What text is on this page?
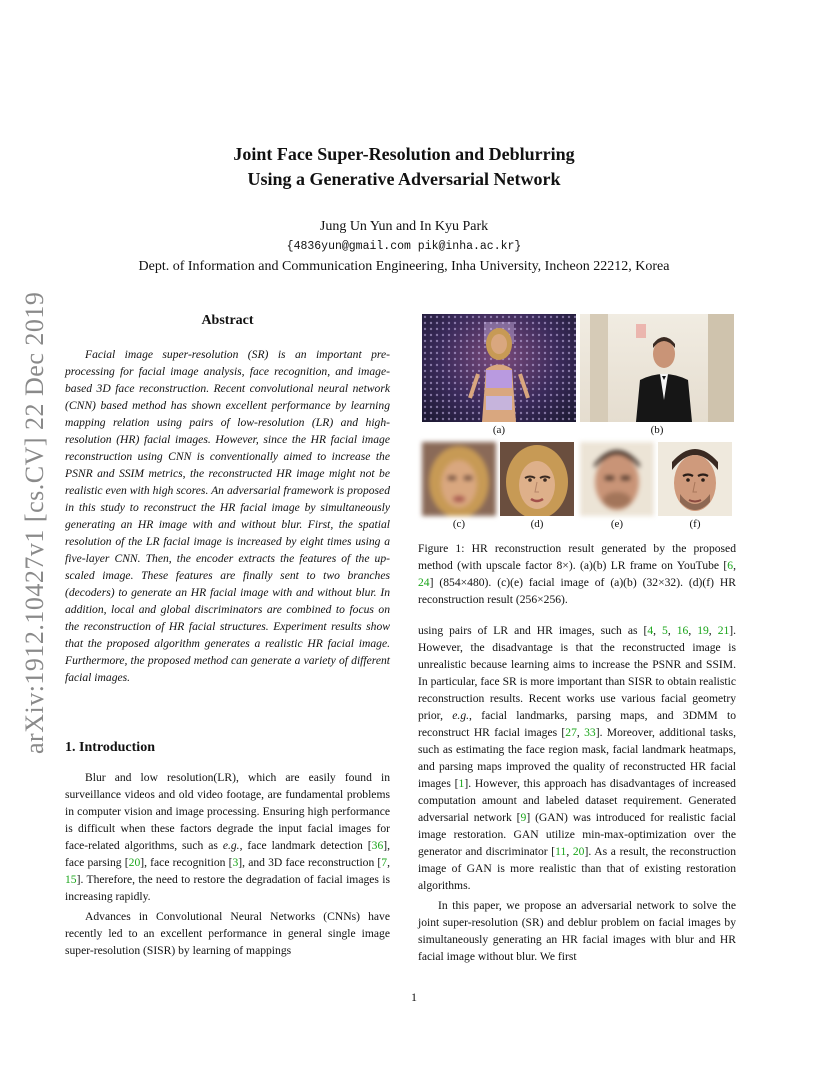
arXiv:1912.10427v1 [cs.CV] 22 Dec 2019
Joint Face Super-Resolution and Deblurring
Using a Generative Adversarial Network
Jung Un Yun and In Kyu Park
{4836yun@gmail.com pik@inha.ac.kr}
Dept. of Information and Communication Engineering, Inha University, Incheon 22212, Korea
Abstract

Facial image super-resolution (SR) is an important pre-processing for facial image analysis, face recognition, and image-based 3D face reconstruction. Recent convolutional neural network (CNN) based method has shown excellent performance by learning mapping relation using pairs of low-resolution (LR) and high-resolution (HR) facial images. However, since the HR facial image reconstruction using CNN is conventionally aimed to increase the PSNR and SSIM metrics, the reconstructed HR image might not be realistic even with high scores. An adversarial framework is proposed in this study to reconstruct the HR facial image by simultaneously generating an HR image with and without blur. First, the spatial resolution of the LR facial image is increased by eight times using a five-layer CNN. Then, the encoder extracts the features of the up-scaled image. These features are finally sent to two branches (decoders) to generate an HR facial image with and without blur. In addition, local and global discriminators are combined to focus on the reconstruction of HR facial structures. Experiment results show that the proposed algorithm generates a realistic HR facial image. Furthermore, the proposed method can generate a variety of different facial images.

1. Introduction

Blur and low resolution(LR), which are easily found in surveillance videos and old video footage, are fundamental problems in computer vision and image processing. Ensuring high performance is difficult when these factors degrade the input facial images for face-related algorithms, such as e.g., face landmark detection [36], face parsing [20], face recognition [3], and 3D face reconstruction [7, 15]. Therefore, the need to restore the degradation of facial images is increasing rapidly.

Advances in Convolutional Neural Networks (CNNs) have recently led to an excellent performance in general single image super-resolution (SISR) by learning of mappings

(a)	(b)
(c)	(d)	(e)	(f)

Figure 1: HR reconstruction result generated by the proposed method (with upscale factor 8×). (a)(b) LR frame on YouTube [6, 24] (854×480). (c)(e) facial image of (a)(b) (32×32). (d)(f) HR reconstruction result (256×256).

using pairs of LR and HR images, such as [4, 5, 16, 19, 21]. However, the disadvantage is that the reconstructed image is unrealistic because learning aims to increase the PSNR and SSIM. In particular, face SR is more important than SISR to obtain realistic reconstruction results. Recent works use various facial geometry prior, e.g., facial landmarks, parsing maps, and 3DMM to reconstruct HR facial images [27, 33]. Moreover, additional tasks, such as estimating the face region mask, facial landmark heatmaps, and parsing maps improved the quality of reconstructed HR facial images [1]. However, this approach has disadvantages of increased computation amount and labeled dataset requirement. Generated adversarial network [9] (GAN) was introduced for realistic facial image restoration. GAN utilize min-max-optimization over the generator and discriminator [11, 20]. As a result, the reconstruction image of GAN is more realistic than that of existing restoration algorithms.

In this paper, we propose an adversarial network to solve the joint super-resolution (SR) and deblur problem on facial images by simultaneously generating an HR facial images with blur and HR facial image without blur. We first

1
